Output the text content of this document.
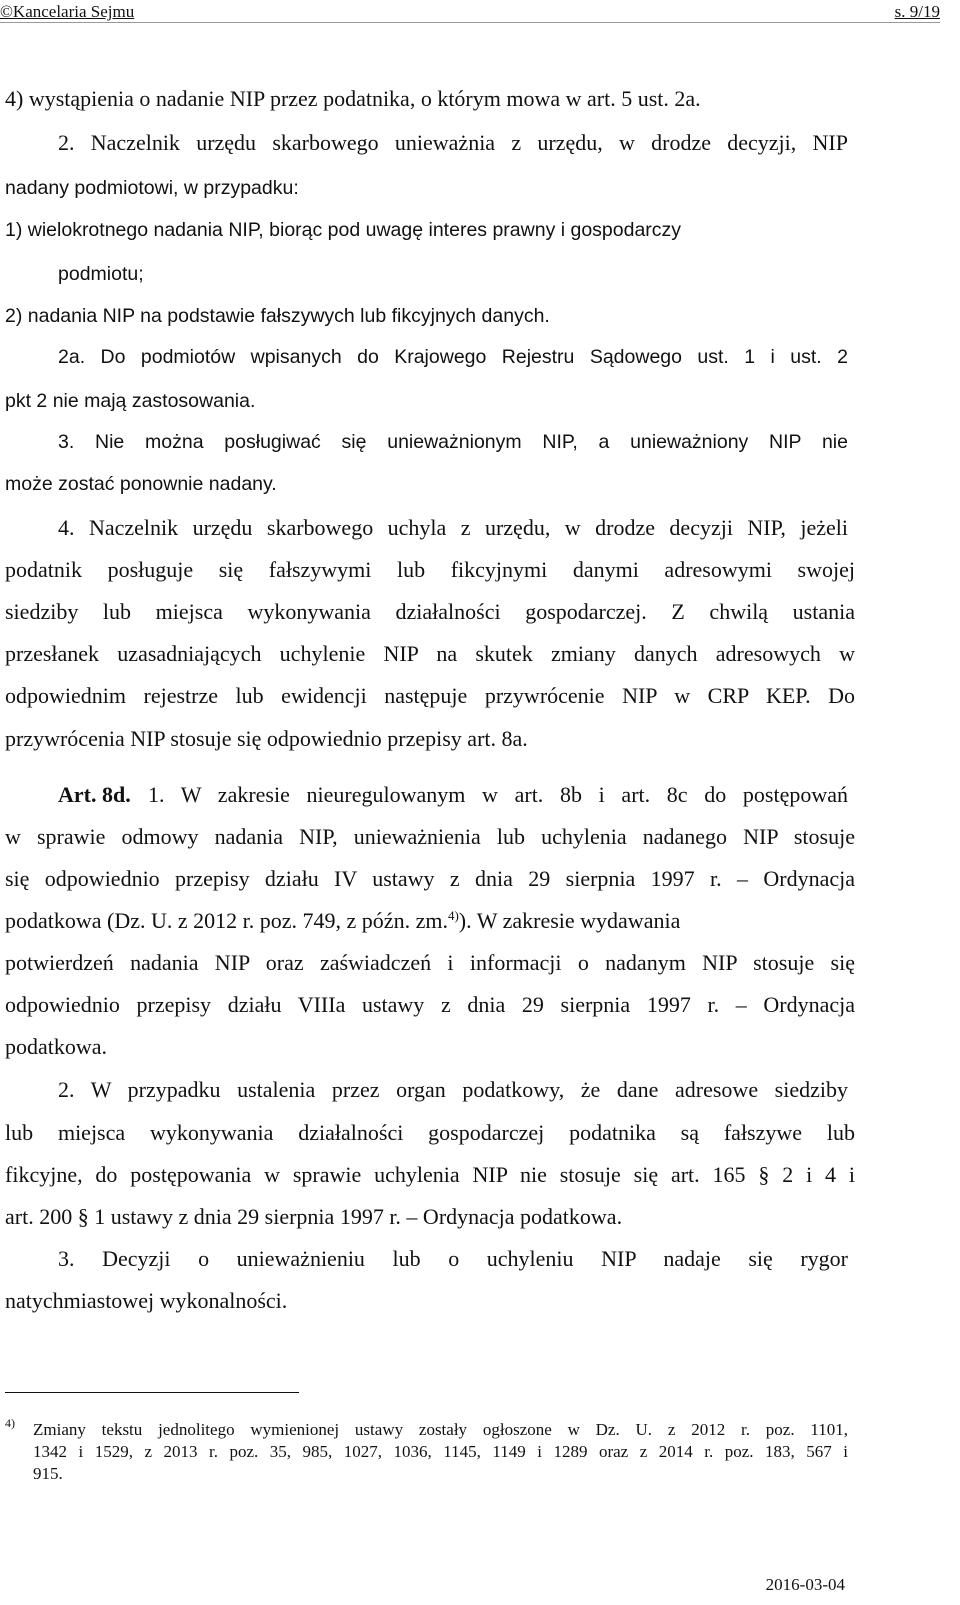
©Kancelaria Sejmu	s. 9/19
4) wystąpienia o nadanie NIP przez podatnika, o którym mowa w art. 5 ust. 2a.
2. Naczelnik urzędu skarbowego unieważnia z urzędu, w drodze decyzji, NIP
nadany podmiotowi, w przypadku:
1) wielokrotnego nadania NIP, biorąc pod uwagę interes prawny i gospodarczy
podmiotu;
2) nadania NIP na podstawie fałszywych lub fikcyjnych danych.
2a. Do podmiotów wpisanych do Krajowego Rejestru Sądowego ust. 1 i ust. 2
pkt 2 nie mają zastosowania.
3. Nie można posługiwać się unieważnionym NIP, a unieważniony NIP nie
może zostać ponownie nadany.
4. Naczelnik urzędu skarbowego uchyla z urzędu, w drodze decyzji NIP, jeżeli
podatnik posługuje się fałszywymi lub fikcyjnymi danymi adresowymi swojej
siedziby lub miejsca wykonywania działalności gospodarczej. Z chwilą ustania
przesłanek uzasadniających uchylenie NIP na skutek zmiany danych adresowych w
odpowiednim rejestrze lub ewidencji następuje przywrócenie NIP w CRP KEP. Do
przywrócenia NIP stosuje się odpowiednio przepisy art. 8a.
Art. 8d. 1. W zakresie nieuregulowanym w art. 8b i art. 8c do postępowań
w sprawie odmowy nadania NIP, unieważnienia lub uchylenia nadanego NIP stosuje
się odpowiednio przepisy działu IV ustawy z dnia 29 sierpnia 1997 r. – Ordynacja
podatkowa (Dz. U. z 2012 r. poz. 749, z późn. zm.$^{4)}$). W zakresie wydawania
potwierdzeń nadania NIP oraz zaświadczeń i informacji o nadanym NIP stosuje się
odpowiednio przepisy działu VIIIa ustawy z dnia 29 sierpnia 1997 r. – Ordynacja
podatkowa.
2. W przypadku ustalenia przez organ podatkowy, że dane adresowe siedziby
lub miejsca wykonywania działalności gospodarczej podatnika są fałszywe lub
fikcyjne, do postępowania w sprawie uchylenia NIP nie stosuje się art. 165 § 2 i 4 i
art. 200 § 1 ustawy z dnia 29 sierpnia 1997 r. – Ordynacja podatkowa.
3. Decyzji o unieważnieniu lub o uchyleniu NIP nadaje się rygor
natychmiastowej wykonalności.
4) Zmiany tekstu jednolitego wymienionej ustawy zostały ogłoszone w Dz. U. z 2012 r. poz. 1101,
1342 i 1529, z 2013 r. poz. 35, 985, 1027, 1036, 1145, 1149 i 1289 oraz z 2014 r. poz. 183, 567 i
915.
2016-03-04
